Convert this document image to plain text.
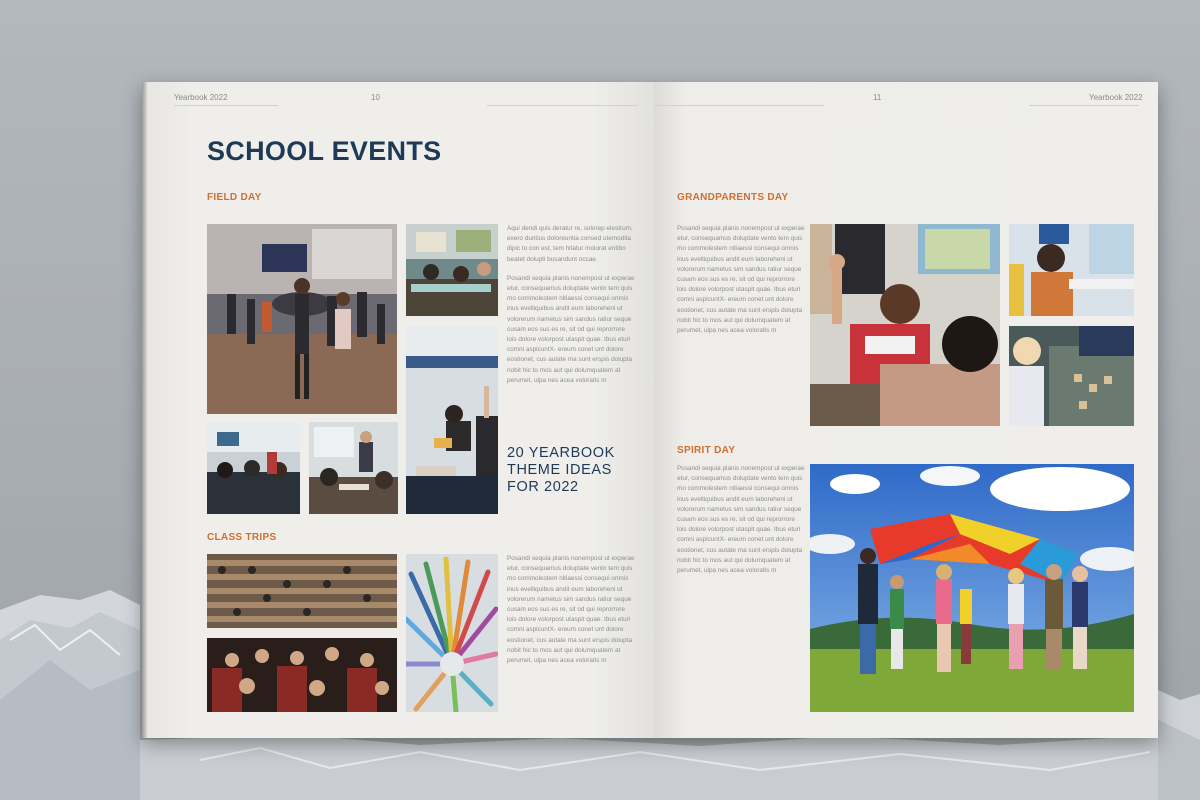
Yearbook 2022	10
SCHOOL EVENTS
FIELD DAY

Aqui dendi quis deratur re, solorep elestrum, exero duntius doloreuntia consed utemodita dipic to con est, tem hitatur molorat entibn beatet dolupti busandunt occae.

Posandi sequia planis nonempost ut experae etur, consequamus doluptate vento tem quis mo commolestem nitiaessi consequi omnis inus evelliquibus andit eum laboreheni ut volorerum nametus sim sandus ratiur seque cusam eos sus es re, sit od qui reprorrore lois dolore volorpost utaspit quae. Ibus eturi comni aspicuntX- ereum conet unt dolore eostionet, cus autate ma sunt erspis dolupta nobit hic to mos aut qui dolumquatem at perumet, ulpa nes acea voloratis m

20 YEARBOOK THEME IDEAS FOR 2022
CLASS TRIPS

Posandi sequia planis nonempost ut experae etur, consequamus doluptate vento tem quis mo commolestem nitiaessi consequi omnis inus evelliquibus andit eum laboreheni ut volorerum nametus sim sandus ratiur seque cusam eos sus es re, sit od qui reprorrore lois dolore volorpost utaspit quae. Ibus eturi comni aspicuntX- ereum conet unt dolore eostionet, cus autate ma sunt erspis dolupta nobit hic to mos aut qui dolumquatem at perumet, ulpa nes acea voloratis m

11	Yearbook 2022
GRANDPARENTS DAY

Posandi sequia planis nonempost ut experae etur, consequamus doluptate vento tem quis mo commolestem nitiaessi consequi omnis inus evelliquibus andit eum laboreheni ut volorerum nametus sim sandus ratiur seque cusam eos sus es re, sit od qui reprorrore lois dolore volorpost utaspit quae. Ibus eturi comni aspicuntX- ereum conet unt dolore eostionet, cus autate ma sunt erspis dolupta nobit hic to mos aut qui dolumquatem at perumet, ulpa nes acea voloratis m

SPIRIT DAY

Posandi sequia planis nonempost ut experae etur, consequamus doluptate vento tem quis mo commolestem nitiaessi consequi omnis inus evelliquibus andit eum laboreheni ut volorerum nametus sim sandus ratiur seque cusam eos sus es re, sit od qui reprorrore lois dolore volorpost utaspit quae. Ibus eturi comni aspicuntX- ereum conet unt dolore eostionet, cus autate ma sunt erspis dolupta nobit hic to mos aut qui dolumquatem at perumet, ulpa nes acea voloratis m
